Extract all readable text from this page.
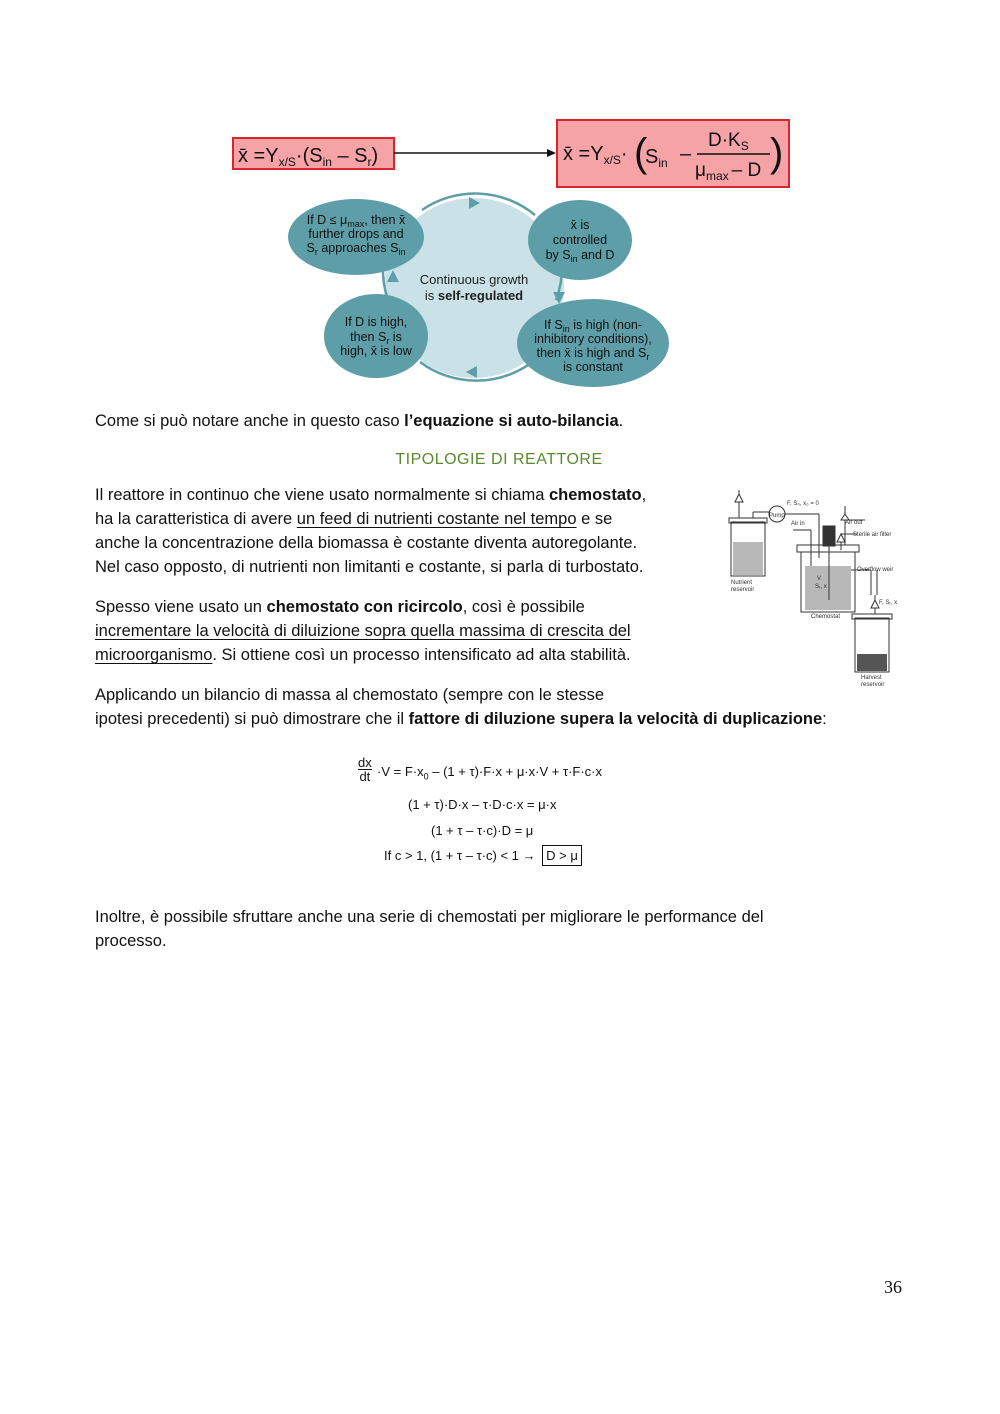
x̄ $=Y_{x/S}\cdot(S_{in} - S_r)$	x̄ $=Y_{x/S}\cdot$ (
$S_{in}$ –
$D\cdot K_S$
$\mu_{max}$ – D )
Continuous growth
is self-regulated
If $D \le \mu_{max}$, then x̄
further drops and
$S_r$ approaches $S_{in}$
x̄ is
controlled
by $S_{in}$ and D
If D is high,
then $S_r$ is
high, x̄ is low
If $S_{in}$ is high (non-
inhibitory conditions),
then x̄ is high and $S_r$
is constant
Come si può notare anche in questo caso l’equazione si auto-bilancia.
TIPOLOGIE DI REATTORE
Il reattore in continuo che viene usato normalmente si chiama chemostato,
ha la caratteristica di avere un feed di nutrienti costante nel tempo e se
anche la concentrazione della biomassa è costante diventa autoregolante.
Nel caso opposto, di nutrienti non limitanti e costante, si parla di turbostato.
Spesso viene usato un chemostato con ricircolo, così è possibile
incrementare la velocità di diluizione sopra quella massima di crescita del
microorganismo. Si ottiene così un processo intensificato ad alta stabilità.
Pump
F, S₀, x₀ = 0
Air in	Air out
Sterile air filter
Overflow weir
Nutrient
reservoir
Chemostat
V
Sᵣ, x
F, Sᵣ, x
Harvest
reservoir
Applicando un bilancio di massa al chemostato (sempre con le stesse
ipotesi precedenti) si può dimostrare che il fattore di diluzione supera la velocità di duplicazione:
dx
dt $\cdot V = F\cdot x_0 - (1 + \tau)\cdot F\cdot x + \mu\cdot x\cdot V + \tau\cdot F\cdot c\cdot x$
(1 + τ)·D·x – τ·D·c·x = μ·x
(1 + τ – τ·c)·D = μ
If c > 1, (1 + τ – τ·c) < 1 → D > μ
Inoltre, è possibile sfruttare anche una serie di chemostati per migliorare le performance del
processo.
36
